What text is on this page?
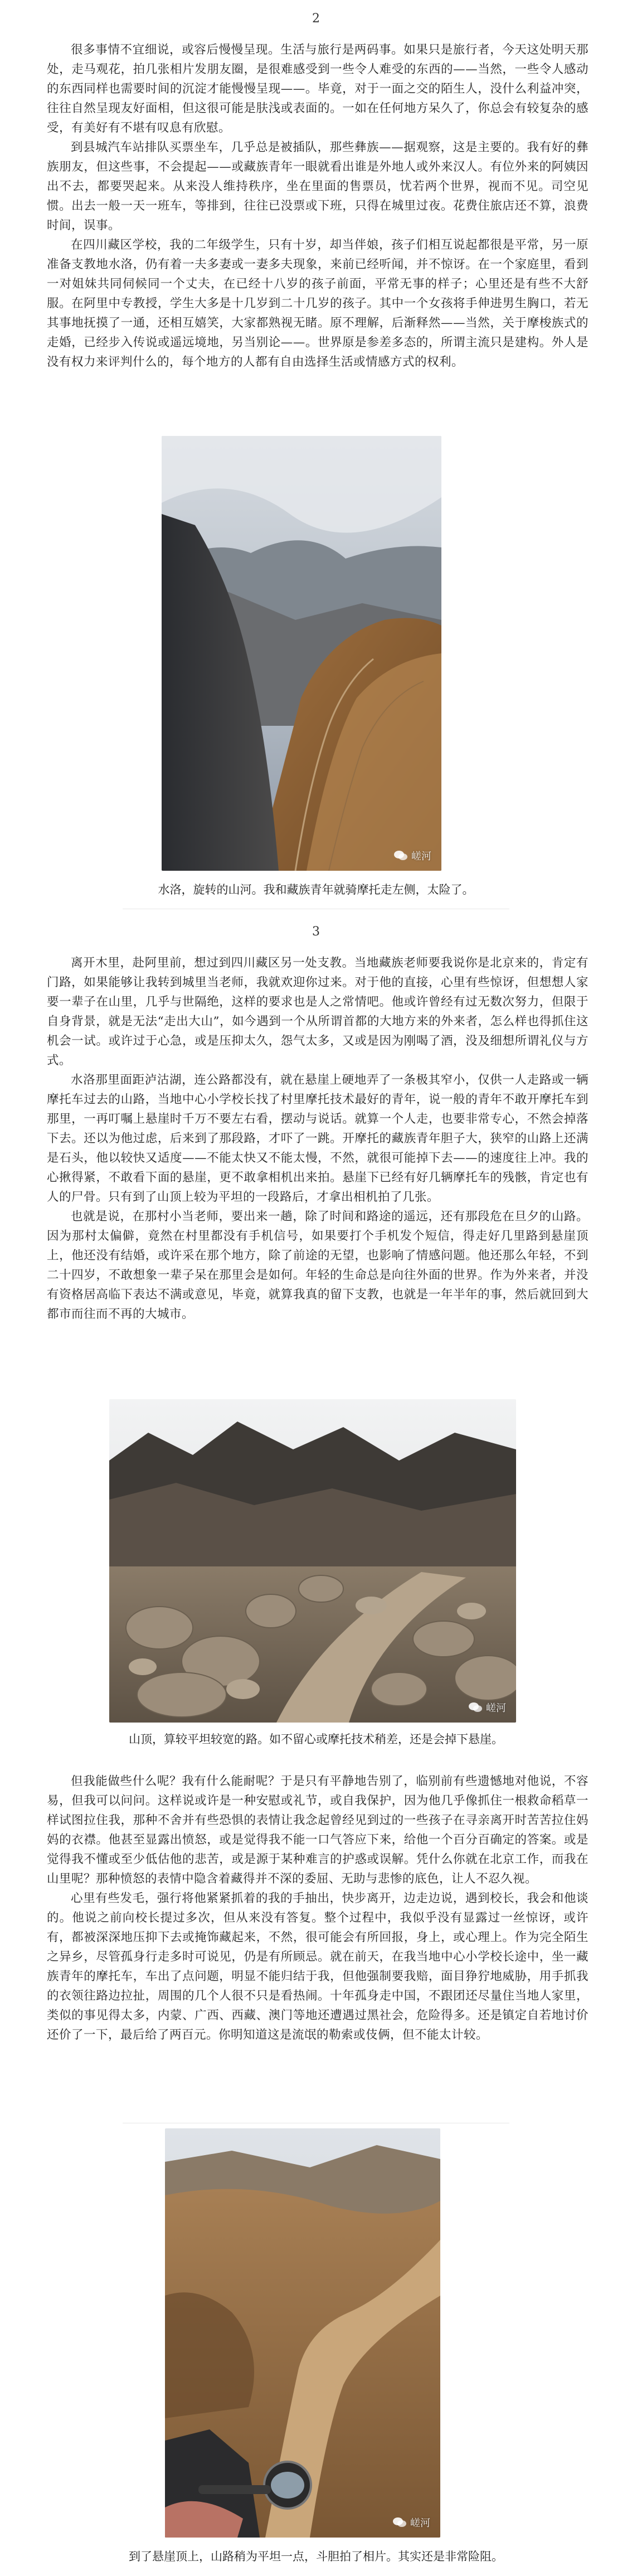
2

很多事情不宜细说，或容后慢慢呈现。生活与旅行是两码事。如果只是旅行者，今天这处明天那处，走马观花，拍几张相片发朋友圈，是很难感受到一些令人难受的东西的——当然，一些令人感动的东西同样也需要时间的沉淀才能慢慢呈现——。毕竟，对于一面之交的陌生人，没什么利益冲突，往往自然呈现友好面相，但这很可能是肤浅或表面的。一如在任何地方呆久了，你总会有较复杂的感受，有美好有不堪有叹息有欣慰。

到县城汽车站排队买票坐车，几乎总是被插队，那些彝族——据观察，这是主要的。我有好的彝族朋友，但这些事，不会提起——或藏族青年一眼就看出谁是外地人或外来汉人。有位外来的阿姨因出不去，都要哭起来。从来没人维持秩序，坐在里面的售票员，忧若两个世界，视而不见。司空见惯。出去一般一天一班车，等排到，往往已没票或下班，只得在城里过夜。花费住旅店还不算，浪费时间，误事。

在四川藏区学校，我的二年级学生，只有十岁，却当伴娘，孩子们相互说起都很是平常，另一原准备支教地水洛，仍有着一夫多妻或一妻多夫现象，来前已经听闻，并不惊讶。在一个家庭里，看到一对姐妹共同伺候同一个丈夫，在已经十八岁的孩子前面，平常无事的样子；心里还是有些不大舒服。在阿里中专教授，学生大多是十几岁到二十几岁的孩子。其中一个女孩将手伸进男生胸口，若无其事地抚摸了一通，还相互嬉笑，大家都熟视无睹。原不理解，后渐释然——当然，关于摩梭族式的走婚，已经步入传说或遥远境地，另当别论——。世界原是参差多态的，所谓主流只是建构。外人是没有权力来评判什么的，每个地方的人都有自由选择生活或情感方式的权利。

嵯河
水洛，旋转的山河。我和藏族青年就骑摩托走左侧，太险了。
3

离开木里，赴阿里前，想过到四川藏区另一处支教。当地藏族老师要我说你是北京来的，肯定有门路，如果能够让我转到城里当老师，我就欢迎你过来。对于他的直接，心里有些惊讶，但想想人家要一辈子在山里，几乎与世隔绝，这样的要求也是人之常情吧。他或许曾经有过无数次努力，但限于自身背景，就是无法“走出大山”，如今遇到一个从所谓首都的大地方来的外来者，怎么样也得抓住这机会一试。或许过于心急，或是压抑太久，怨气太多，又或是因为刚喝了酒，没及细想所谓礼仪与方式。

水洛那里面距泸沽湖，连公路都没有，就在悬崖上硬地弄了一条极其窄小，仅供一人走路或一辆摩托车过去的山路，当地中心小学校长找了村里摩托技术最好的青年，说一般的青年不敢开摩托车到那里，一再叮嘱上悬崖时千万不要左右看，摆动与说话。就算一个人走，也要非常专心，不然会掉落下去。还以为他过虑，后来到了那段路，才吓了一跳。开摩托的藏族青年胆子大，狭窄的山路上还满是石头，他以较快又适度——不能太快又不能太慢，不然，就很可能掉下去——的速度往上冲。我的心揪得紧，不敢看下面的悬崖，更不敢拿相机出来拍。悬崖下已经有好几辆摩托车的残骸，肯定也有人的尸骨。只有到了山顶上较为平坦的一段路后，才拿出相机拍了几张。

也就是说，在那村小当老师，要出来一趟，除了时间和路途的遥远，还有那段危在旦夕的山路。因为那村太偏僻，竟然在村里都没有手机信号，如果要打个手机发个短信，得走好几里路到悬崖顶上，他还没有结婚，或许采在那个地方，除了前途的无望，也影响了情感问题。他还那么年轻，不到二十四岁，不敢想象一辈子呆在那里会是如何。年轻的生命总是向往外面的世界。作为外来者，并没有资格居高临下表达不满或意见，毕竟，就算我真的留下支教，也就是一年半年的事，然后就回到大都市而往而不再的大城市。

嵯河
山顶，算较平坦较宽的路。如不留心或摩托技术稍差，还是会掉下悬崖。

但我能做些什么呢？我有什么能耐呢？于是只有平静地告别了，临别前有些遗憾地对他说，不容易，但我可以问问。这样说或许是一种安慰或礼节，或自我保护，因为他几乎像抓住一根救命稻草一样试图拉住我，那种不舍并有些恐惧的表情让我念起曾经见到过的一些孩子在寻亲离开时苦苦拉住妈妈的衣襟。他甚至显露出愤怒，或是觉得我不能一口气答应下来，给他一个百分百确定的答案。或是觉得我不懂或至少低估他的悲苦，或是源于某种难言的护惑或误解。凭什么你就在北京工作，而我在山里呢？那种愤怒的表情中隐含着藏得并不深的委屈、无助与悲惨的底色，让人不忍久视。

心里有些发毛，强行将他紧紧抓着的我的手抽出，快步离开，边走边说，遇到校长，我会和他谈的。他说之前向校长提过多次，但从来没有答复。整个过程中，我似乎没有显露过一丝惊讶，或许有，都被深深地压抑下去或掩饰藏起来，不然，很可能会有所回报，身上，或心理上。作为完全陌生之异乡，尽管孤身行走多时可说见，仍是有所顾忌。就在前天，在我当地中心小学校长途中，坐一藏族青年的摩托车，车出了点问题，明显不能归结于我，但他强制要我赔，面目狰狞地威胁，用手抓我的衣领往路边拉扯，周围的几个人很不只是看热闹。十年孤身走中国，不跟团还尽量住当地人家里，类似的事见得太多，内蒙、广西、西藏、澳门等地还遭遇过黑社会，危险得多。还是镇定自若地讨价还价了一下，最后给了两百元。你明知道这是流氓的勒索或伎俩，但不能太计较。

嵯河
到了悬崖顶上，山路稍为平坦一点，斗胆拍了相片。其实还是非常险阻。
